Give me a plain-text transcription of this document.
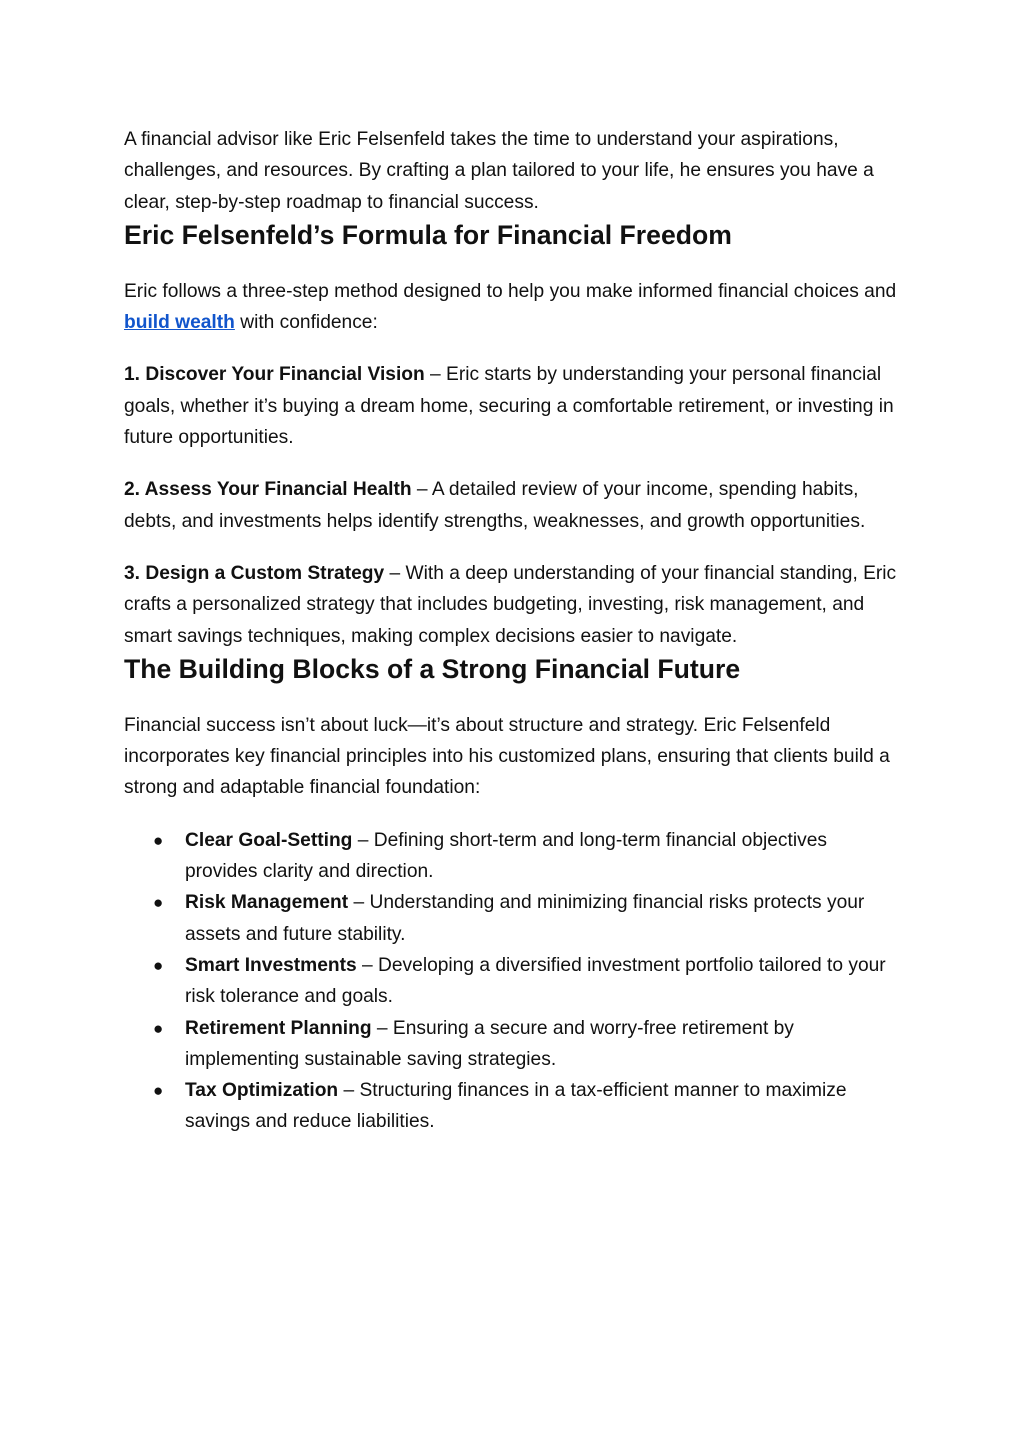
A financial advisor like Eric Felsenfeld takes the time to understand your aspirations, challenges, and resources. By crafting a plan tailored to your life, he ensures you have a clear, step-by-step roadmap to financial success.

Eric Felsenfeld’s Formula for Financial Freedom

Eric follows a three-step method designed to help you make informed financial choices and build wealth with confidence:

1. Discover Your Financial Vision – Eric starts by understanding your personal financial goals, whether it’s buying a dream home, securing a comfortable retirement, or investing in future opportunities.

2. Assess Your Financial Health – A detailed review of your income, spending habits, debts, and investments helps identify strengths, weaknesses, and growth opportunities.

3. Design a Custom Strategy – With a deep understanding of your financial standing, Eric crafts a personalized strategy that includes budgeting, investing, risk management, and smart savings techniques, making complex decisions easier to navigate.

The Building Blocks of a Strong Financial Future

Financial success isn’t about luck—it’s about structure and strategy. Eric Felsenfeld incorporates key financial principles into his customized plans, ensuring that clients build a strong and adaptable financial foundation:

● Clear Goal-Setting – Defining short-term and long-term financial objectives provides clarity and direction.
● Risk Management – Understanding and minimizing financial risks protects your assets and future stability.
● Smart Investments – Developing a diversified investment portfolio tailored to your risk tolerance and goals.
● Retirement Planning – Ensuring a secure and worry-free retirement by implementing sustainable saving strategies.
● Tax Optimization – Structuring finances in a tax-efficient manner to maximize savings and reduce liabilities.
